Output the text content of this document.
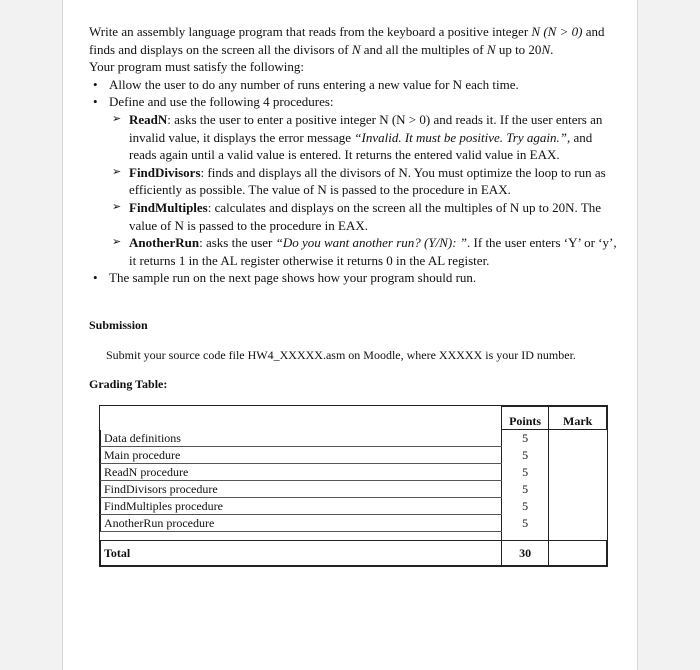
Write an assembly language program that reads from the keyboard a positive integer N (N > 0) and finds and displays on the screen all the divisors of N and all the multiples of N up to 20N.
Your program must satisfy the following:

• Allow the user to do any number of runs entering a new value for N each time.
• Define and use the following 4 procedures:
➢ ReadN: asks the user to enter a positive integer N (N > 0) and reads it. If the user enters an invalid value, it displays the error message “Invalid. It must be positive. Try again.”, and reads again until a valid value is entered. It returns the entered valid value in EAX.
➢ FindDivisors: finds and displays all the divisors of N. You must optimize the loop to run as efficiently as possible. The value of N is passed to the procedure in EAX.
➢ FindMultiples: calculates and displays on the screen all the multiples of N up to 20N. The value of N is passed to the procedure in EAX.
➢ AnotherRun: asks the user “Do you want another run? (Y/N): ”. If the user enters ‘Y’ or ‘y’, it returns 1 in the AL register otherwise it returns 0 in the AL register.
• The sample run on the next page shows how your program should run.
Submission
Submit your source code file HW4_XXXXX.asm on Moodle, where XXXXX is your ID number.
Grading Table:
	Points	Mark
Data definitions	5	
Main procedure	5	
ReadN procedure	5	
FindDivisors procedure	5	
FindMultiples procedure	5	
AnotherRun procedure	5	

Total	30	
